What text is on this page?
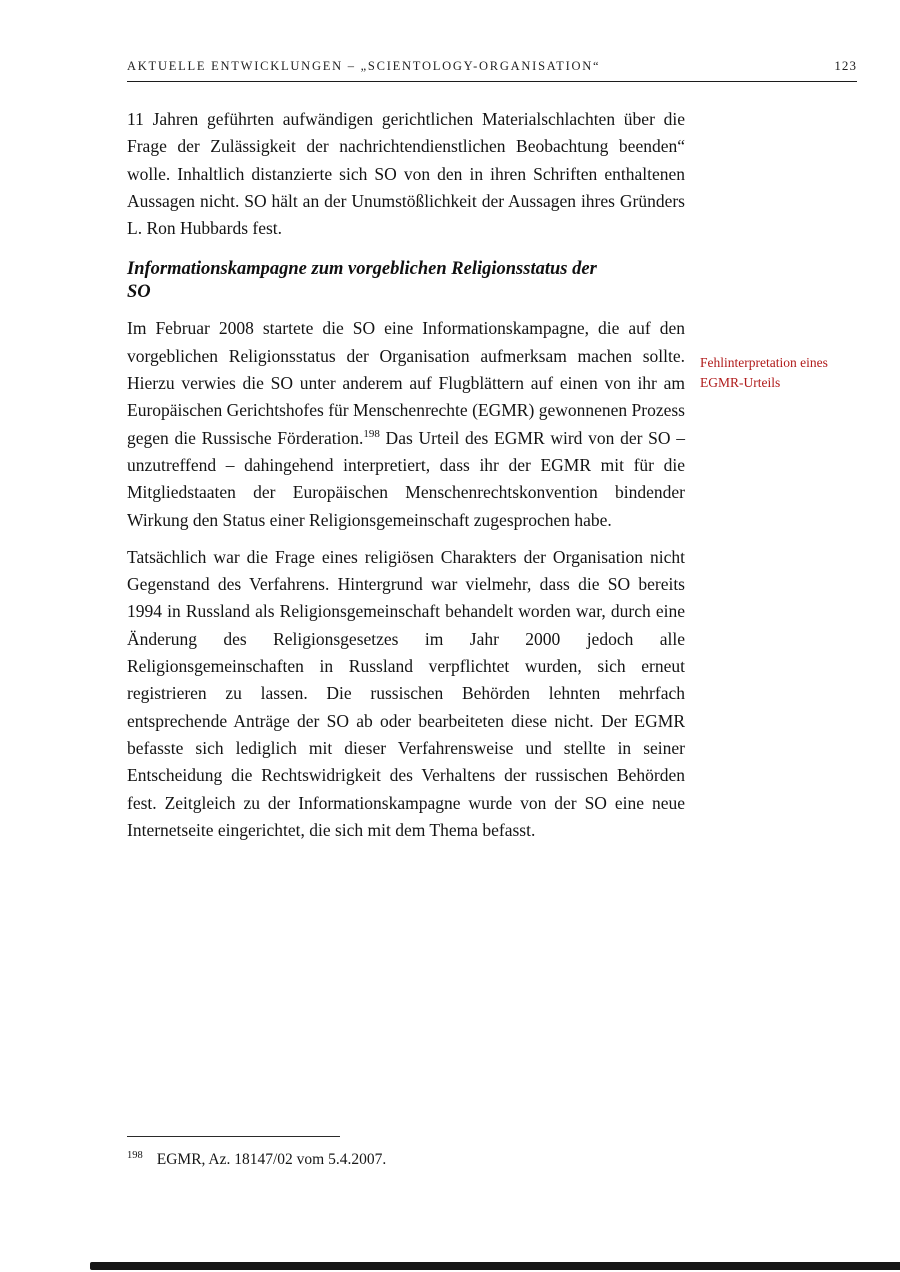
AKTUELLE ENTWICKLUNGEN – „SCIENTOLOGY-ORGANISATION“	123

11 Jahren geführten aufwändigen gerichtlichen Materialschlachten über die Frage der Zulässigkeit der nachrichtendienstlichen Beobachtung beenden“ wolle. Inhaltlich distanzierte sich SO von den in ihren Schriften enthaltenen Aussagen nicht. SO hält an der Unumstößlichkeit der Aussagen ihres Gründers L. Ron Hubbards fest.

Informationskampagne zum vorgeblichen Religionsstatus der SO

Im Februar 2008 startete die SO eine Informationskampagne, die auf den vorgeblichen Religionsstatus der Organisation aufmerksam machen sollte. Hierzu verwies die SO unter anderem auf Flugblättern auf einen von ihr am Europäischen Gerichtshofes für Menschenrechte (EGMR) gewonnenen Prozess gegen die Russische Förderation.$^{198}$ Das Urteil des EGMR wird von der SO – unzutreffend – dahingehend interpretiert, dass ihr der EGMR mit für die Mitgliedstaaten der Europäischen Menschenrechtskonvention bindender Wirkung den Status einer Religionsgemeinschaft zugesprochen habe.

Tatsächlich war die Frage eines religiösen Charakters der Organisation nicht Gegenstand des Verfahrens. Hintergrund war vielmehr, dass die SO bereits 1994 in Russland als Religionsgemeinschaft behandelt worden war, durch eine Änderung des Religionsgesetzes im Jahr 2000 jedoch alle Religionsgemeinschaften in Russland verpflichtet wurden, sich erneut registrieren zu lassen. Die russischen Behörden lehnten mehrfach entsprechende Anträge der SO ab oder bearbeiteten diese nicht. Der EGMR befasste sich lediglich mit dieser Verfahrensweise und stellte in seiner Entscheidung die Rechtswidrigkeit des Verhaltens der russischen Behörden fest. Zeitgleich zu der Informationskampagne wurde von der SO eine neue Internetseite eingerichtet, die sich mit dem Thema befasst.

Fehlinterpretation eines EGMR-Urteils
$^{198}$ EGMR, Az. 18147/02 vom 5.4.2007.
